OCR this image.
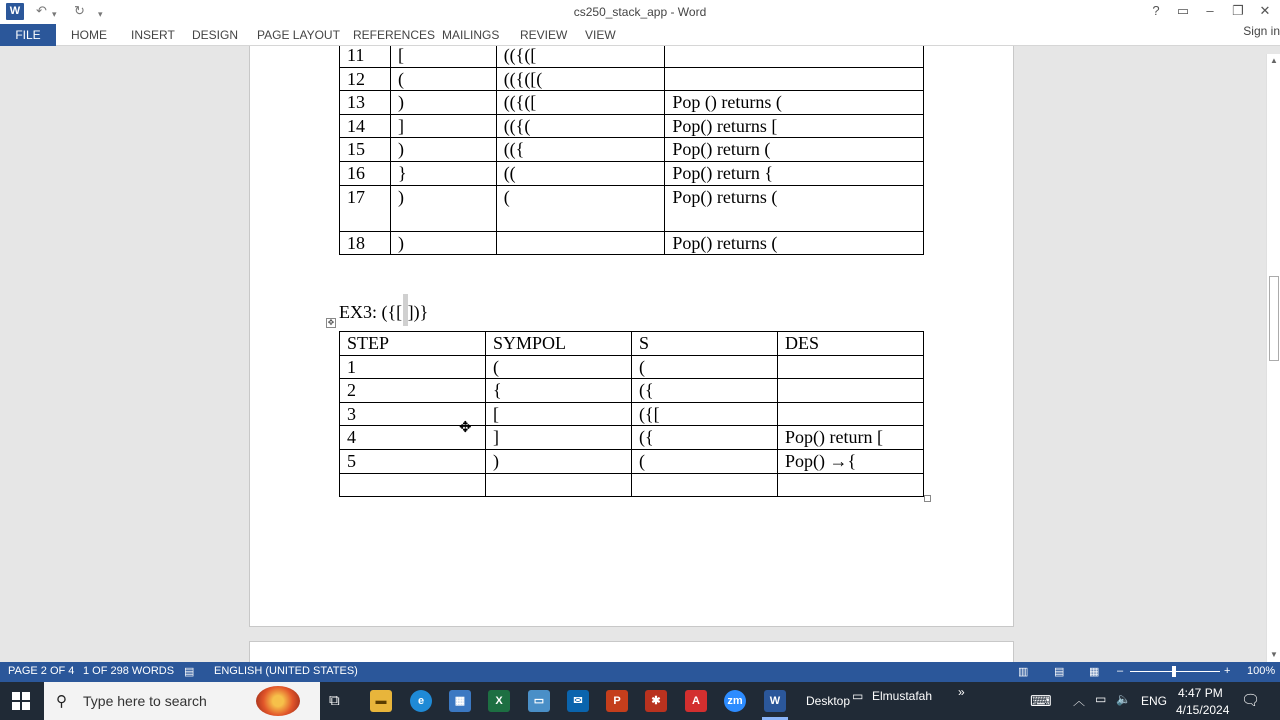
W ↶ ▾ ↻ ▾	cs250_stack_app - Word	?	▭	–	❐	✕
FILE	HOME INSERT DESIGN PAGE LAYOUT REFERENCES MAILINGS REVIEW VIEW	Sign in
11	[	(({([	
12	(	(({([(	
13	)	(({([	Pop () returns (
14	]	(({(	Pop() returns [
15	)	(({	Pop() return (
16	}	((	Pop() return {
17	)	(	Pop() returns (
18	)		Pop() returns (
EX3: ({[ ])}
✥
STEP	SYMPOL	S	DES
1	(	(	
2	{	({	
3	[	({[	
4	]	({	Pop() return [
5	)	(	Pop() →{

✥
▲
▼
PAGE 2 OF 4 1 OF 298 WORDS ▤ ENGLISH (UNITED STATES)	▥ ▤ ▦ –	+ 100%
⚲ Type here to search	⧉	▬	e	▦	X	▭	✉	P	✱	A	zm	W	Desktop ▭ Elmustafah »
⌨ ︿ ▭ 🔈 ENG
4:47 PM
4/15/2024
🗨
